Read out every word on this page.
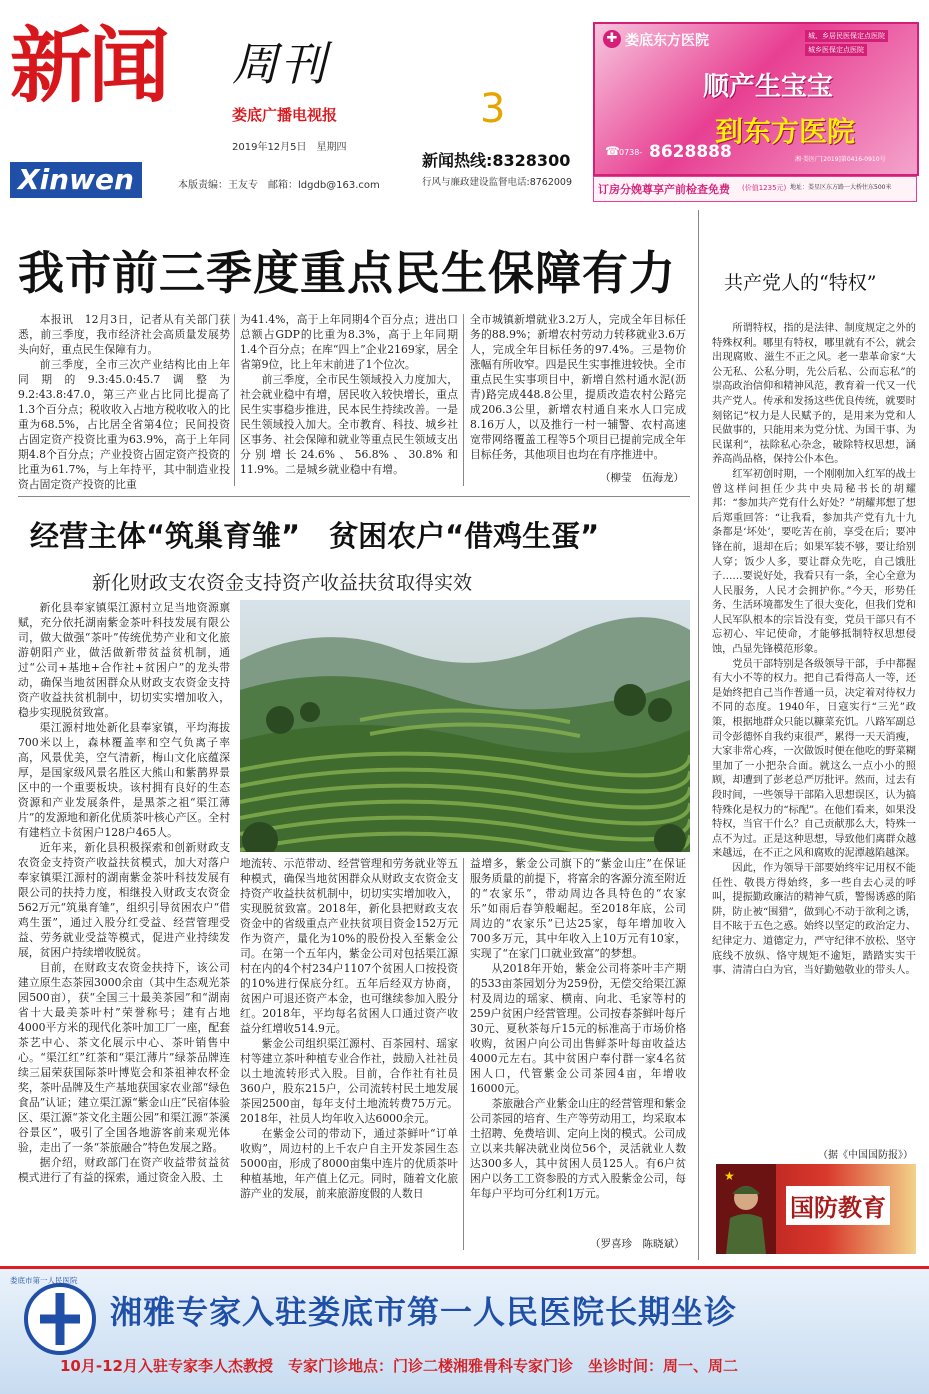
新闻 周刊
娄底广播电视报
2019年12月5日　星期四
Xinwen	本版责编：王友专　邮箱：ldgdb@163.com
3
新闻热线:8328300
行风与廉政建设监督电话:8762009
✚ 娄底东方医院	城、乡居民医保定点医院
城乡医保定点医院
顺产生宝宝
到东方医院
☎ 0738- 8628888	湘·娄医广[2019]第0416-0910号
订房分娩尊享产前检查免费 (价值1235元) 地址：娄星区东方路一大桥往东500米
我市前三季度重点民生保障有力

本报讯　12月3日，记者从有关部门获悉，前三季度，我市经济社会高质量发展势头向好，重点民生保障有力。

前三季度，全市三次产业结构比由上年同期的9.3:45.0:45.7调整为9.2:43.8:47.0，第三产业占比同比提高了1.3个百分点；税收收入占地方税收收入的比重为68.5%，占比居全省第4位；民间投资占固定资产投资比重为63.9%，高于上年同期4.8个百分点；产业投资占固定资产投资的比重为61.7%，与上年持平，其中制造业投资占固定资产投资的比重

为41.4%，高于上年同期4个百分点；进出口总额占GDP的比重为8.3%，高于上年同期1.4个百分点；在库“四上”企业2169家，居全省第9位，比上年末前进了1个位次。

前三季度，全市民生领域投入力度加大，社会就业稳中有增，居民收入较快增长，重点民生实事稳步推进，民本民生持续改善。一是民生领域投入加大。全市教育、科技、城乡社区事务、社会保障和就业等重点民生领域支出分别增长24.6%、56.8%、30.8%和11.9%。二是城乡就业稳中有增。

全市城镇新增就业3.2万人，完成全年目标任务的88.9%；新增农村劳动力转移就业3.6万人，完成全年目标任务的97.4%。三是物价涨幅有所收窄。四是民生实事推进较快。全市重点民生实事项目中，新增自然村通水泥(沥青)路完成448.8公里，提质改造农村公路完成206.3公里，新增农村通自来水人口完成8.16万人，以及推行一村一辅警、农村高速宽带网络覆盖工程等5个项目已提前完成全年目标任务，其他项目也均在有序推进中。

（柳莹　伍海龙）
经营主体“筑巢育雏”　贫困农户“借鸡生蛋”
新化财政支农资金支持资产收益扶贫取得实效

新化县奉家镇渠江源村立足当地资源禀赋，充分依托湖南紫金茶叶科技发展有限公司，做大做强“茶叶”传统优势产业和文化旅游朝阳产业，做活做新带贫益贫机制，通过“公司+基地+合作社+贫困户”的龙头带动，确保当地贫困群众从财政支农资金支持资产收益扶贫机制中，切切实实增加收入，稳步实现脱贫致富。

渠江源村地处新化县奉家镇，平均海拔700米以上，森林覆盖率和空气负离子率高，风景优美，空气清新，梅山文化底蕴深厚，是国家级风景名胜区大熊山和紫鹊界景区中的一个重要板块。该村拥有良好的生态资源和产业发展条件，是黑茶之祖“渠江薄片”的发源地和新化优质茶叶核心产区。全村有建档立卡贫困户128户465人。

近年来，新化县积极探索和创新财政支农资金支持资产收益扶贫模式，加大对落户奉家镇渠江源村的湖南紫金茶叶科技发展有限公司的扶持力度，相继投入财政支农资金562万元“筑巢育雏”，组织引导贫困农户“借鸡生蛋”，通过入股分红受益、经营管理受益、劳务就业受益等模式，促进产业持续发展，贫困户持续增收脱贫。

目前，在财政支农资金扶持下，该公司建立原生态茶园3000余亩（其中生态观光茶园500亩），获“全国三十最美茶园”和“湖南省十大最美茶叶村”荣誉称号；建有占地4000平方米的现代化茶叶加工厂一座，配套茶艺中心、茶文化展示中心、茶叶销售中心。“渠江红”红茶和“渠江薄片”绿茶品牌连续三届荣获国际茶叶博览会和茶祖神农杯金奖，茶叶品牌及生产基地获国家农业部“绿色食品”认证；建立渠江源“紫金山庄”民宿体验区、渠江源“茶文化主题公园”和渠江源“茶溪谷景区”，吸引了全国各地游客前来观光体验，走出了一条“茶旅融合”特色发展之路。

据介绍，财政部门在资产收益带贫益贫模式进行了有益的探索，通过资金入股、土

地流转、示范带动、经营管理和劳务就业等五种模式，确保当地贫困群众从财政支农资金支持资产收益扶贫机制中，切切实实增加收入，实现脱贫致富。2018年，新化县把财政支农资金中的省级重点产业扶贫项目资金152万元作为资产，量化为10%的股份投入至紫金公司。在第一个五年内，紫金公司对包括渠江源村在内的4个村234户1107个贫困人口按投资的10%进行保底分红。五年后经双方协商，贫困户可退还资产本金，也可继续参加入股分红。2018年，平均每名贫困人口通过资产收益分红增收514.9元。

紫金公司组织渠江源村、百茶园村、瑶家村等建立茶叶种植专业合作社，鼓励入社社员以土地流转形式入股。目前，合作社有社员360户，股东215户，公司流转村民土地发展茶园2500亩，每年支付土地流转费75万元。2018年，社员人均年收入达6000余元。

在紫金公司的带动下，通过茶鲜叶“订单收购”，周边村的上千农户自主开发茶园生态5000亩，形成了8000亩集中连片的优质茶叶种植基地，年产值上亿元。同时，随着文化旅游产业的发展，前来旅游度假的人数日

益增多，紫金公司旗下的“紫金山庄”在保证服务质量的前提下，将富余的客源分流至附近的“农家乐”，带动周边各具特色的“农家乐”如雨后春笋般崛起。至2018年底，公司周边的“农家乐”已达25家，每年增加收入700多万元，其中年收入上10万元有10家，实现了“在家门口就业致富”的梦想。

从2018年开始，紫金公司将茶叶丰产期的533亩茶园划分为259份，无偿交给渠江源村及周边的瑶家、横南、向北、毛家等村的259户贫困户经营管理。公司按春茶鲜叶每斤30元、夏秋茶每斤15元的标准高于市场价格收购，贫困户向公司出售鲜茶叶每亩收益达4000元左右。其中贫困户奉付群一家4名贫困人口，代管紫金公司茶园4亩，年增收16000元。

茶旅融合产业紫金山庄的经营管理和紫金公司茶园的培育、生产等劳动用工，均采取本土招聘、免费培训、定向上岗的模式。公司成立以来共解决就业岗位56个，灵活就业人数达300多人，其中贫困人员125人。有6户贫困户以务工工资参股的方式入股紫金公司，每年每户平均可分红利1万元。

（罗喜珍　陈晓斌）
共产党人的“特权”

所谓特权，指的是法律、制度规定之外的特殊权利。哪里有特权，哪里就有不公，就会出现腐败、滋生不正之风。老一辈革命家“大公无私、公私分明，先公后私、公而忘私”的崇高政治信仰和精神风范，教育着一代又一代共产党人。传承和发扬这些优良传统，就要时刻铭记“权力是人民赋予的，是用来为党和人民做事的，只能用来为党分忧、为国干事、为民谋利”，祛除私心杂念，破除特权思想，涵养高尚品格，保持公仆本色。

红军初创时期，一个刚刚加入红军的战士曾这样问担任少共中央局秘书长的胡耀邦：“参加共产党有什么好处？”胡耀邦想了想后郑重回答：“让我看，参加共产党有九十九条都是‘坏处’，要吃苦在前，享受在后；要冲锋在前，退却在后；如果军装不够，要让给别人穿；饭少人多，要让群众先吃，自己饿肚子……要说好处，我看只有一条，全心全意为人民服务，人民才会拥护你。”今天，形势任务、生活环境都发生了很大变化，但我们党和人民军队根本的宗旨没有变，党员干部只有不忘初心、牢记使命，才能够抵制特权思想侵蚀，凸显先锋模范形象。

党员干部特别是各级领导干部，手中都握有大小不等的权力。把自己看得高人一等，还是始终把自己当作普通一员，决定着对待权力不同的态度。1940年，日寇实行“三光”政策，根据地群众只能以糠菜充饥。八路军副总司令彭德怀自我约束很严，累得一天天消瘦，大家非常心疼，一次做饭时便在他吃的野菜糊里加了一小把杂合面。就这么一点小小的照顾，却遭到了彭老总严厉批评。然而，过去有段时间，一些领导干部陷入思想误区，认为搞特殊化是权力的“标配”。在他们看来，如果没特权，当官干什么？自己贡献那么大，特殊一点不为过。正是这种思想，导致他们离群众越来越远，在不正之风和腐败的泥潭越陷越深。

因此，作为领导干部要始终牢记用权不能任性、敬畏方得始终，多一些自去心灵的呼叫，提振勤政廉洁的精神气质，警惕诱惑的陷阱，防止被“围猎”，做到心不动于欲利之诱，目不眩于五色之惑。始终以坚定的政治定力、纪律定力、道德定力，严守纪律不放松、坚守底线不放纵、恪守规矩不逾矩，踏踏实实干事、清清白白为官，当好勤勉敬业的带头人。

（据《中国国防报》）
★
国防教育
娄底市第一人民医院
湘雅专家入驻娄底市第一人民医院长期坐诊
10月-12月入驻专家李人杰教授　专家门诊地点：门诊二楼湘雅骨科专家门诊　坐诊时间：周一、周二
